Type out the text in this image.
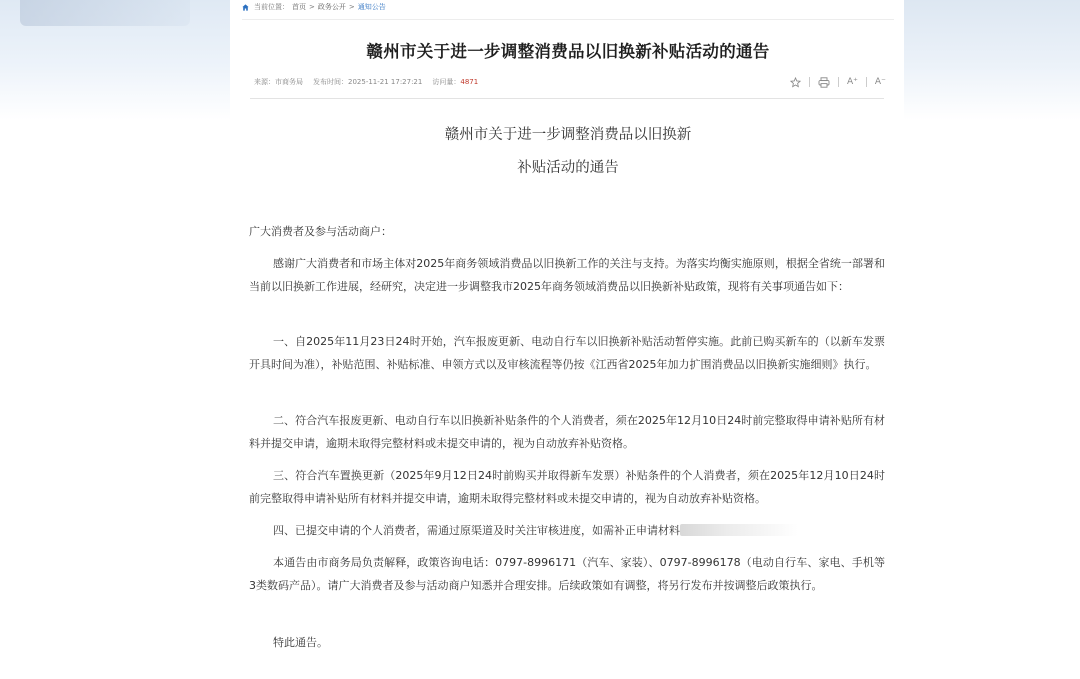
当前位置： 首页 > 政务公开 > 通知公告
赣州市关于进一步调整消费品以旧换新补贴活动的通告
来源：市商务局 发布时间：2025-11-21 17:27:21 访问量：4871	A⁺ A⁻
赣州市关于进一步调整消费品以旧换新
补贴活动的通告

广大消费者及参与活动商户：

感谢广大消费者和市场主体对2025年商务领域消费品以旧换新工作的关注与支持。为落实均衡实施原则，根据全省统一部署和当前以旧换新工作进展，经研究，决定进一步调整我市2025年商务领域消费品以旧换新补贴政策，现将有关事项通告如下：

一、自2025年11月23日24时开始，汽车报废更新、电动自行车以旧换新补贴活动暂停实施。此前已购买新车的（以新车发票开具时间为准），补贴范围、补贴标准、申领方式以及审核流程等仍按《江西省2025年加力扩围消费品以旧换新实施细则》执行。

二、符合汽车报废更新、电动自行车以旧换新补贴条件的个人消费者，须在2025年12月10日24时前完整取得申请补贴所有材料并提交申请，逾期未取得完整材料或未提交申请的，视为自动放弃补贴资格。

三、符合汽车置换更新（2025年9月12日24时前购买并取得新车发票）补贴条件的个人消费者，须在2025年12月10日24时前完整取得申请补贴所有材料并提交申请，逾期未取得完整材料或未提交申请的，视为自动放弃补贴资格。

四、已提交申请的个人消费者，需通过原渠道及时关注审核进度，如需补正申请材料

本通告由市商务局负责解释，政策咨询电话：0797-8996171（汽车、家装）、0797-8996178（电动自行车、家电、手机等3类数码产品）。请广大消费者及参与活动商户知悉并合理安排。后续政策如有调整，将另行发布并按调整后政策执行。

特此通告。
